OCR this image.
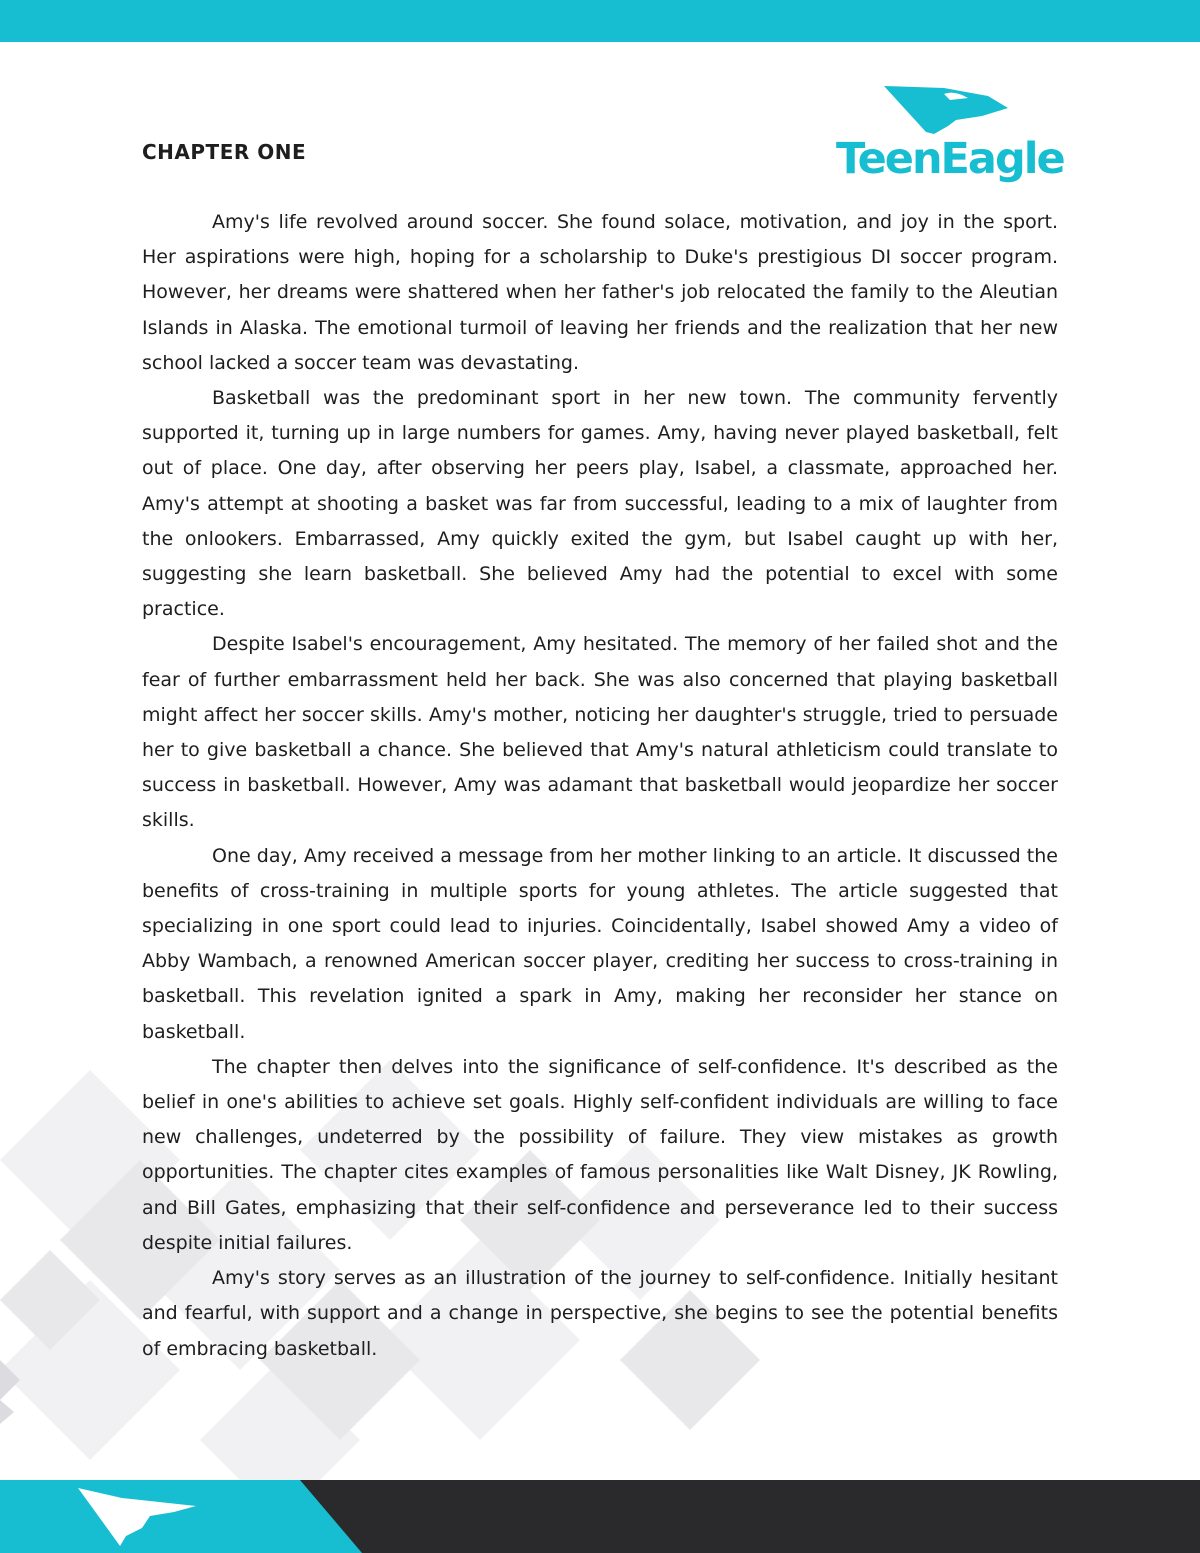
TeenEagle
CHAPTER ONE

Amy's life revolved around soccer. She found solace, motivation, and joy in the sport. Her aspirations were high, hoping for a scholarship to Duke's prestigious DI soccer program. However, her dreams were shattered when her father's job relocated the family to the Aleutian Islands in Alaska. The emotional turmoil of leaving her friends and the realization that her new school lacked a soccer team was devastating.

Basketball was the predominant sport in her new town. The community fervently supported it, turning up in large numbers for games. Amy, having never played basketball, felt out of place. One day, after observing her peers play, Isabel, a classmate, approached her. Amy's attempt at shooting a basket was far from successful, leading to a mix of laughter from the onlookers. Embarrassed, Amy quickly exited the gym, but Isabel caught up with her, suggesting she learn basketball. She believed Amy had the potential to excel with some practice.

Despite Isabel's encouragement, Amy hesitated. The memory of her failed shot and the fear of further embarrassment held her back. She was also concerned that playing basketball might affect her soccer skills. Amy's mother, noticing her daughter's struggle, tried to persuade her to give basketball a chance. She believed that Amy's natural athleticism could translate to success in basketball. However, Amy was adamant that basketball would jeopardize her soccer skills.

One day, Amy received a message from her mother linking to an article. It discussed the benefits of cross-training in multiple sports for young athletes. The article suggested that specializing in one sport could lead to injuries. Coincidentally, Isabel showed Amy a video of Abby Wambach, a renowned American soccer player, crediting her success to cross-training in basketball. This revelation ignited a spark in Amy, making her reconsider her stance on basketball.

The chapter then delves into the significance of self-confidence. It's described as the belief in one's abilities to achieve set goals. Highly self-confident individuals are willing to face new challenges, undeterred by the possibility of failure. They view mistakes as growth opportunities. The chapter cites examples of famous personalities like Walt Disney, JK Rowling, and Bill Gates, emphasizing that their self-confidence and perseverance led to their success despite initial failures.

Amy's story serves as an illustration of the journey to self-confidence. Initially hesitant and fearful, with support and a change in perspective, she begins to see the potential benefits of embracing basketball.
